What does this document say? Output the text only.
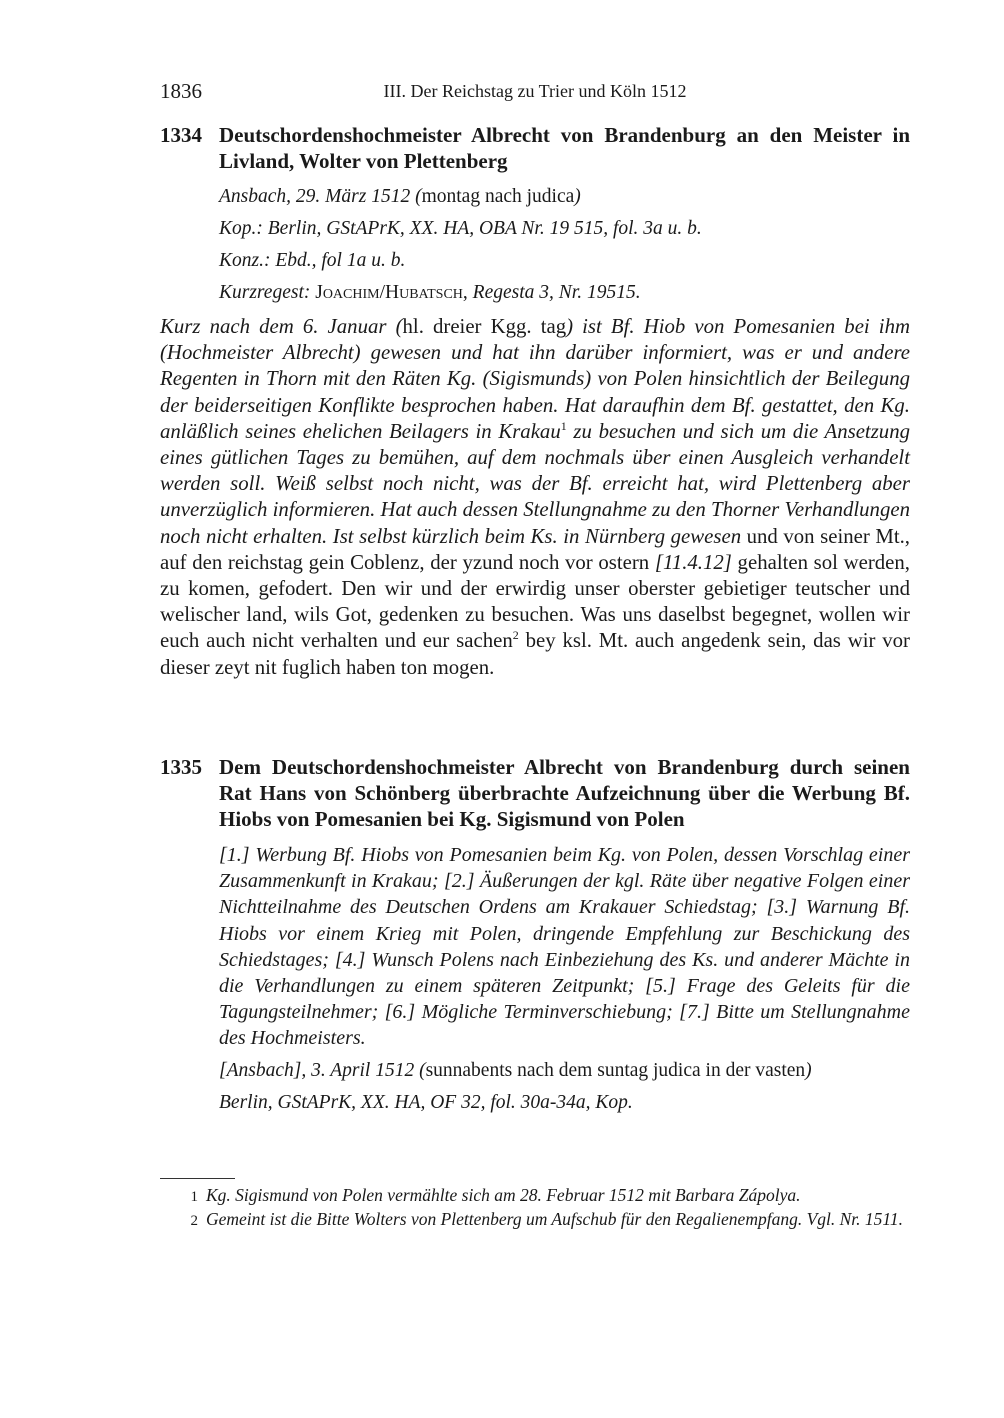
1836	III. Der Reichstag zu Trier und Köln 1512
1334 Deutschordenshochmeister Albrecht von Brandenburg an den Meister in Livland, Wolter von Plettenberg

Ansbach, 29. März 1512 (montag nach judica)

Kop.: Berlin, GStAPrK, XX. HA, OBA Nr. 19 515, fol. 3a u. b.

Konz.: Ebd., fol 1a u. b.

Kurzregest: Joachim/Hubatsch, Regesta 3, Nr. 19515.

Kurz nach dem 6. Januar (hl. dreier Kgg. tag) ist Bf. Hiob von Pomesanien bei ihm (Hochmeister Albrecht) gewesen und hat ihn darüber informiert, was er und andere Regenten in Thorn mit den Räten Kg. (Sigismunds) von Polen hinsichtlich der Beilegung der beiderseitigen Konflikte besprochen haben. Hat daraufhin dem Bf. gestattet, den Kg. anläßlich seines ehelichen Beilagers in Krakau$^1$ zu besuchen und sich um die Ansetzung eines gütlichen Tages zu bemühen, auf dem nochmals über einen Ausgleich verhandelt werden soll. Weiß selbst noch nicht, was der Bf. erreicht hat, wird Plettenberg aber unverzüglich informieren. Hat auch dessen Stellungnahme zu den Thorner Verhandlungen noch nicht erhalten. Ist selbst kürzlich beim Ks. in Nürnberg gewesen und von seiner Mt., auf den reichstag gein Coblenz, der yzund noch vor ostern [11.4.12] gehalten sol werden, zu komen, gefodert. Den wir und der erwirdig unser oberster gebietiger teutscher und welischer land, wils Got, gedenken zu besuchen. Was uns daselbst begegnet, wollen wir euch auch nicht verhalten und eur sachen$^2$ bey ksl. Mt. auch angedenk sein, das wir vor dieser zeyt nit fuglich haben ton mogen.

1335 Dem Deutschordenshochmeister Albrecht von Brandenburg durch seinen Rat Hans von Schönberg überbrachte Aufzeichnung über die Werbung Bf. Hiobs von Pomesanien bei Kg. Sigismund von Polen

[1.] Werbung Bf. Hiobs von Pomesanien beim Kg. von Polen, dessen Vorschlag einer Zusammenkunft in Krakau; [2.] Äußerungen der kgl. Räte über negative Folgen einer Nichtteilnahme des Deutschen Ordens am Krakauer Schiedstag; [3.] Warnung Bf. Hiobs vor einem Krieg mit Polen, dringende Empfehlung zur Beschickung des Schiedstages; [4.] Wunsch Polens nach Einbeziehung des Ks. und anderer Mächte in die Verhandlungen zu einem späteren Zeitpunkt; [5.] Frage des Geleits für die Tagungsteilnehmer; [6.] Mögliche Terminverschiebung; [7.] Bitte um Stellungnahme des Hochmeisters.

[Ansbach], 3. April 1512 (sunnabents nach dem suntag judica in der vasten)

Berlin, GStAPrK, XX. HA, OF 32, fol. 30a-34a, Kop.

1 Kg. Sigismund von Polen vermählte sich am 28. Februar 1512 mit Barbara Zápolya.

2 Gemeint ist die Bitte Wolters von Plettenberg um Aufschub für den Regalienempfang. Vgl. Nr. 1511.
